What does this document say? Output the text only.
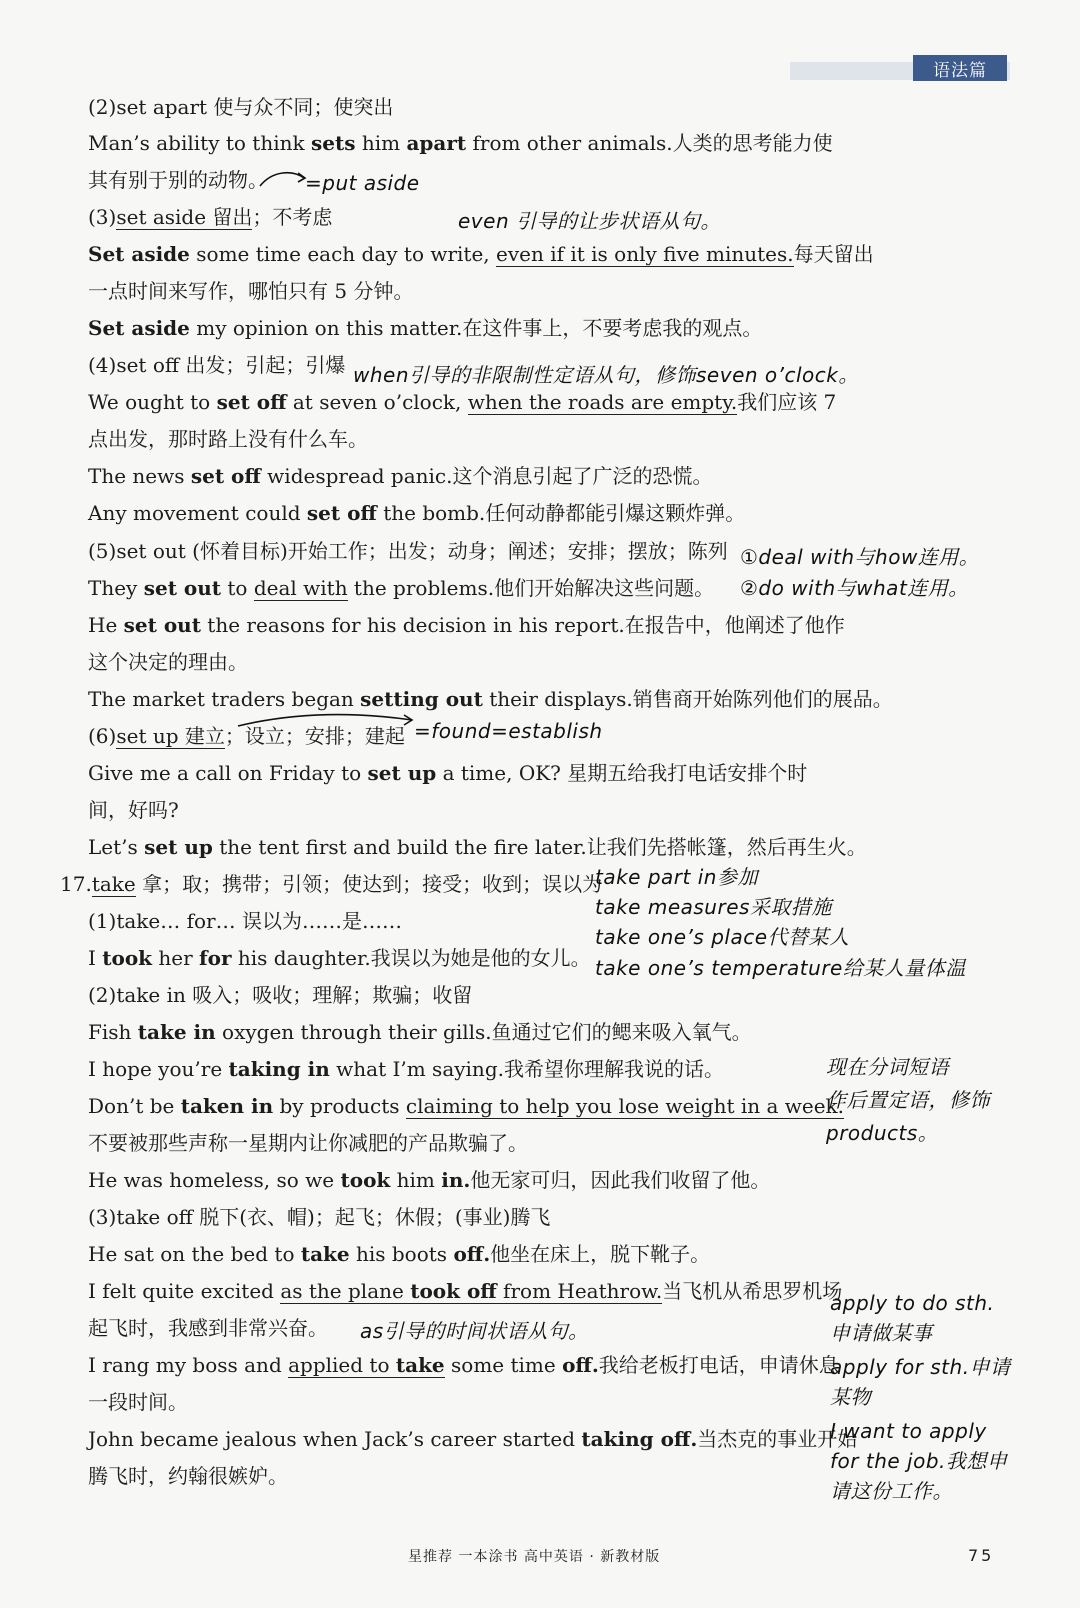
语法篇
(2)set apart 使与众不同；使突出
Man’s ability to think sets him apart from other animals.人类的思考能力使
其有别于别的动物。
(3)set aside 留出；不考虑
Set aside some time each day to write, even if it is only five minutes.每天留出
一点时间来写作，哪怕只有 5 分钟。
Set aside my opinion on this matter.在这件事上，不要考虑我的观点。
(4)set off 出发；引起；引爆
We ought to set off at seven o’clock, when the roads are empty.我们应该 7
点出发，那时路上没有什么车。
The news set off widespread panic.这个消息引起了广泛的恐慌。
Any movement could set off the bomb.任何动静都能引爆这颗炸弹。
(5)set out (怀着目标)开始工作；出发；动身；阐述；安排；摆放；陈列
They set out to deal with the problems.他们开始解决这些问题。
He set out the reasons for his decision in his report.在报告中，他阐述了他作
这个决定的理由。
The market traders began setting out their displays.销售商开始陈列他们的展品。
(6)set up 建立；设立；安排；建起
Give me a call on Friday to set up a time, OK? 星期五给我打电话安排个时
间，好吗?
Let’s set up the tent first and build the fire later.让我们先搭帐篷，然后再生火。
17.take 拿；取；携带；引领；使达到；接受；收到；误以为
(1)take… for… 误以为……是……
I took her for his daughter.我误以为她是他的女儿。
(2)take in 吸入；吸收；理解；欺骗；收留
Fish take in oxygen through their gills.鱼通过它们的鳃来吸入氧气。
I hope you’re taking in what I’m saying.我希望你理解我说的话。
Don’t be taken in by products claiming to help you lose weight in a week.
不要被那些声称一星期内让你减肥的产品欺骗了。
He was homeless, so we took him in.他无家可归，因此我们收留了他。
(3)take off 脱下(衣、帽)；起飞；休假；(事业)腾飞
He sat on the bed to take his boots off.他坐在床上，脱下靴子。
I felt quite excited as the plane took off from Heathrow.当飞机从希思罗机场
起飞时，我感到非常兴奋。
I rang my boss and applied to take some time off.我给老板打电话，申请休息
一段时间。
John became jealous when Jack’s career started taking off.当杰克的事业开始
腾飞时，约翰很嫉妒。
=put aside
even 引导的让步状语从句。
when引导的非限制性定语从句，修饰seven o’clock。
①deal with与how连用。
②do with与what连用。
=found=establish
take part in参加
take measures采取措施
take one’s place代替某人
take one’s temperature给某人量体温
现在分词短语
作后置定语，修饰
products。
as引导的时间状语从句。
apply to do sth.
申请做某事
apply for sth.申请
某物
I want to apply
for the job.我想申
请这份工作。
星推荐 一本涂书 高中英语 · 新教材版	75
